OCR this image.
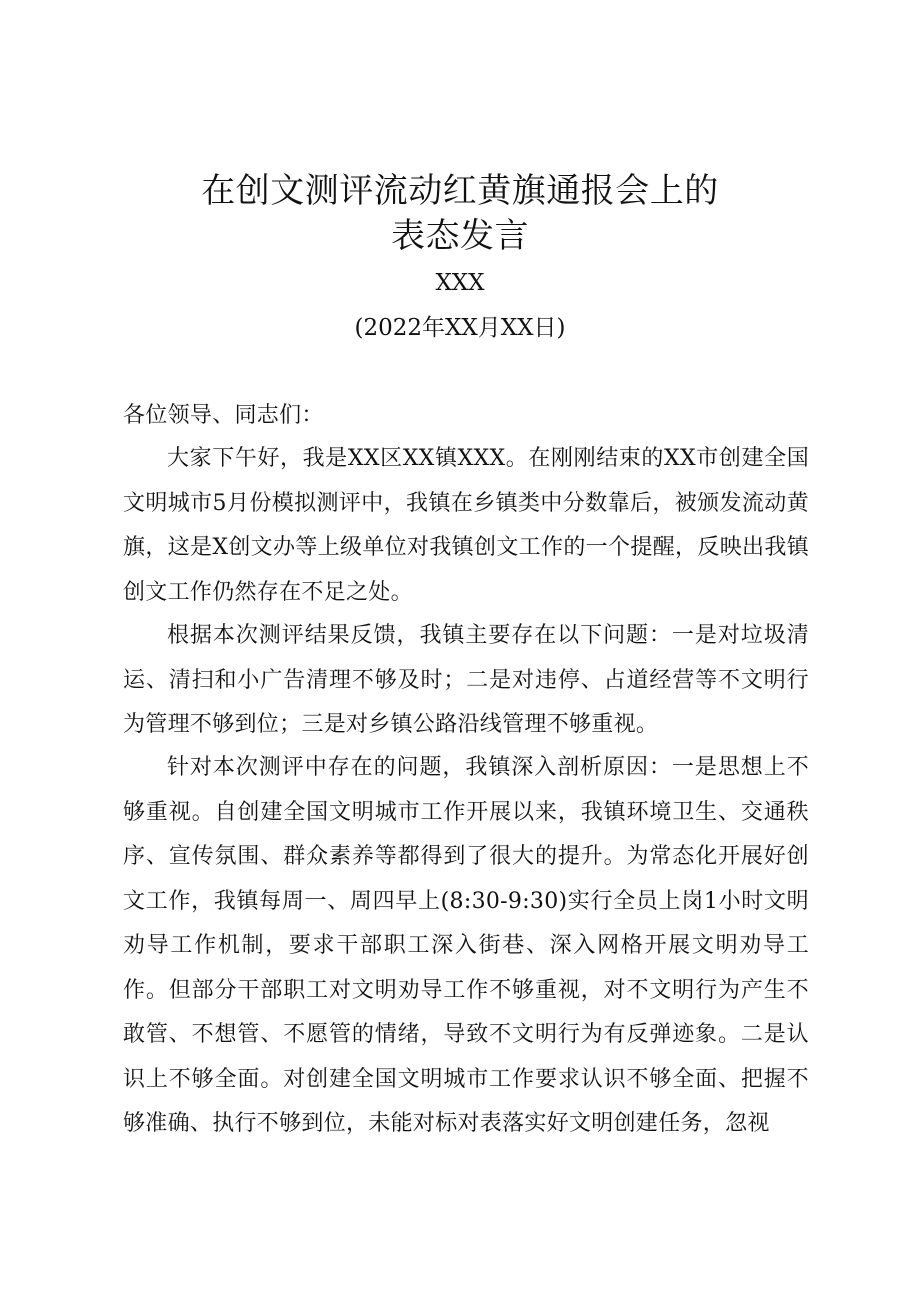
在创文测评流动红黄旗通报会上的
表态发言
XXX
(2022年XX月XX日)
各位领导、同志们：
大家下午好，我是XX区XX镇XXX。在刚刚结束的XX市创建全国文明城市5月份模拟测评中，我镇在乡镇类中分数靠后，被颁发流动黄旗，这是X创文办等上级单位对我镇创文工作的一个提醒，反映出我镇创文工作仍然存在不足之处。
根据本次测评结果反馈，我镇主要存在以下问题：一是对垃圾清运、清扫和小广告清理不够及时；二是对违停、占道经营等不文明行为管理不够到位；三是对乡镇公路沿线管理不够重视。
针对本次测评中存在的问题，我镇深入剖析原因：一是思想上不够重视。自创建全国文明城市工作开展以来，我镇环境卫生、交通秩序、宣传氛围、群众素养等都得到了很大的提升。为常态化开展好创文工作，我镇每周一、周四早上(8:30-9:30)实行全员上岗1小时文明劝导工作机制，要求干部职工深入街巷、深入网格开展文明劝导工作。但部分干部职工对文明劝导工作不够重视，对不文明行为产生不敢管、不想管、不愿管的情绪，导致不文明行为有反弹迹象。二是认识上不够全面。对创建全国文明城市工作要求认识不够全面、把握不够准确、执行不够到位，未能对标对表落实好文明创建任务，忽视
